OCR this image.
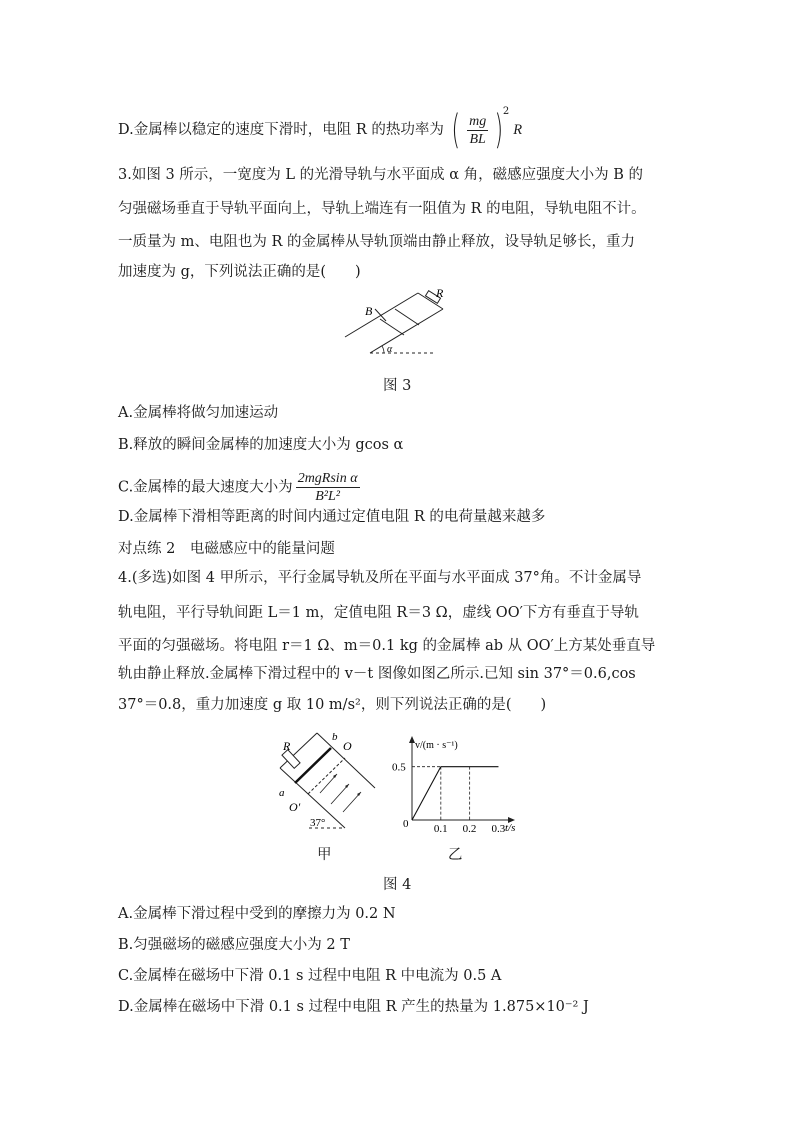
D.金属棒以稳定的速度下滑时，电阻 R 的热功率为 ( $\frac{mg}{BL} )^2R$
3.如图 3 所示，一宽度为 L 的光滑导轨与水平面成 α 角，磁感应强度大小为 B 的
匀强磁场垂直于导轨平面向上，导轨上端连有一阻值为 R 的电阻，导轨电阻不计。
一质量为 m、电阻也为 R 的金属棒从导轨顶端由静止释放，设导轨足够长，重力
加速度为 g，下列说法正确的是(　　)
B
R
α
图 3
A.金属棒将做匀加速运动
B.释放的瞬间金属棒的加速度大小为 gcos α
C.金属棒的最大速度大小为 $\frac{\text{2mgRsin α}}{\text{B²L²}}$
D.金属棒下滑相等距离的时间内通过定值电阻 R 的电荷量越来越多
对点练 2　电磁感应中的能量问题
4.(多选)如图 4 甲所示，平行金属导轨及所在平面与水平面成 37°角。不计金属导
轨电阻，平行导轨间距 L＝1 m，定值电阻 R＝3 Ω，虚线 OO′下方有垂直于导轨
平面的匀强磁场。将电阻 r＝1 Ω、m＝0.1 kg 的金属棒 ab 从 OO′上方某处垂直导
轨由静止释放.金属棒下滑过程中的 v－t 图像如图乙所示.已知 sin 37°＝0.6,cos
37°＝0.8，重力加速度 g 取 10 m/s²，则下列说法正确的是(　　)
R
b
O
a
O′
37°
甲
v/(m · s⁻¹)
t/s
0
0.5
0.1 0.2 0.3
乙
图 4
A.金属棒下滑过程中受到的摩擦力为 0.2 N
B.匀强磁场的磁感应强度大小为 2 T
C.金属棒在磁场中下滑 0.1 s 过程中电阻 R 中电流为 0.5 A
D.金属棒在磁场中下滑 0.1 s 过程中电阻 R 产生的热量为 1.875×10⁻² J
